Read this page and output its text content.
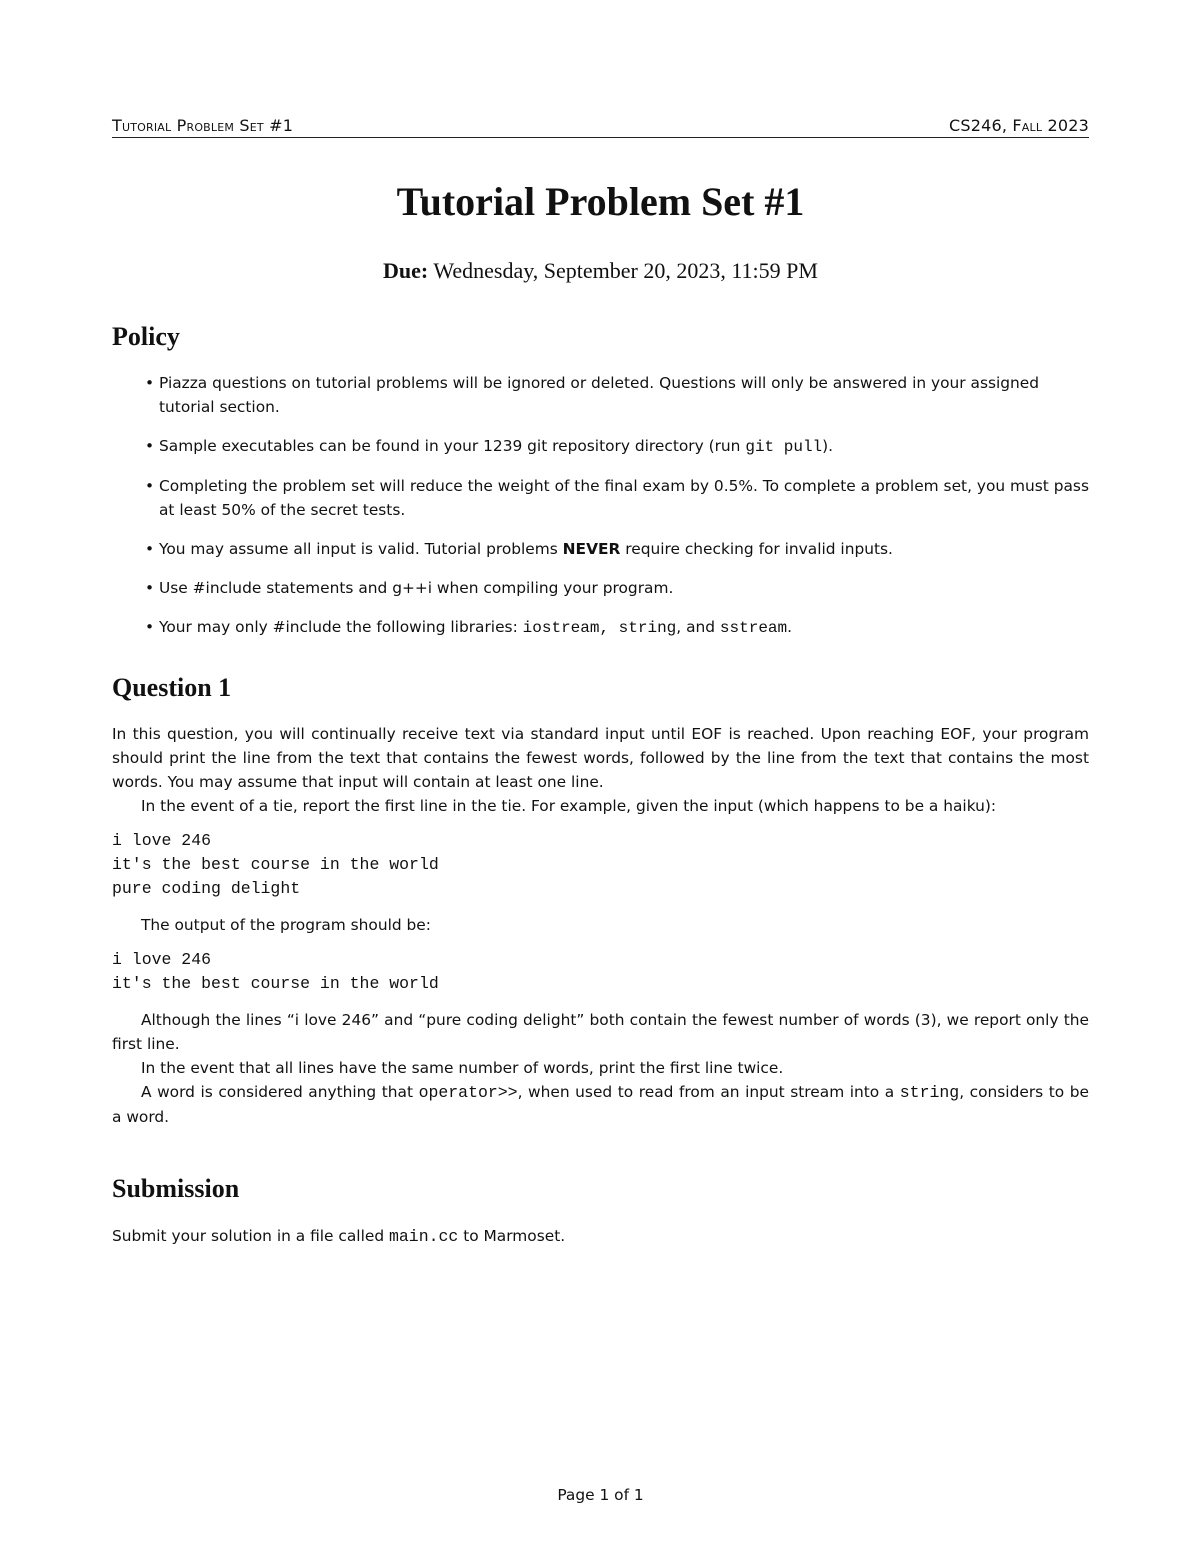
Tutorial Problem Set #1	CS246, Fall 2023
Tutorial Problem Set #1
Due: Wednesday, September 20, 2023, 11:59 PM
Policy
• Piazza questions on tutorial problems will be ignored or deleted. Questions will only be answered in your assigned tutorial section.
• Sample executables can be found in your 1239 git repository directory (run git pull).
• Completing the problem set will reduce the weight of the final exam by 0.5%. To complete a problem set, you must pass at least 50% of the secret tests.
• You may assume all input is valid. Tutorial problems NEVER require checking for invalid inputs.
• Use #include statements and g++i when compiling your program.
• Your may only #include the following libraries: iostream, string, and sstream.
Question 1

In this question, you will continually receive text via standard input until EOF is reached. Upon reaching EOF, your program should print the line from the text that contains the fewest words, followed by the line from the text that contains the most words. You may assume that input will contain at least one line.

In the event of a tie, report the first line in the tie. For example, given the input (which happens to be a haiku):

i love 246
it's the best course in the world
pure coding delight

The output of the program should be:

i love 246
it's the best course in the world

Although the lines “i love 246” and “pure coding delight” both contain the fewest number of words (3), we report only the first line.

In the event that all lines have the same number of words, print the first line twice.

A word is considered anything that operator>>, when used to read from an input stream into a string, considers to be a word.

Submission
Submit your solution in a file called main.cc to Marmoset.
Page 1 of 1
